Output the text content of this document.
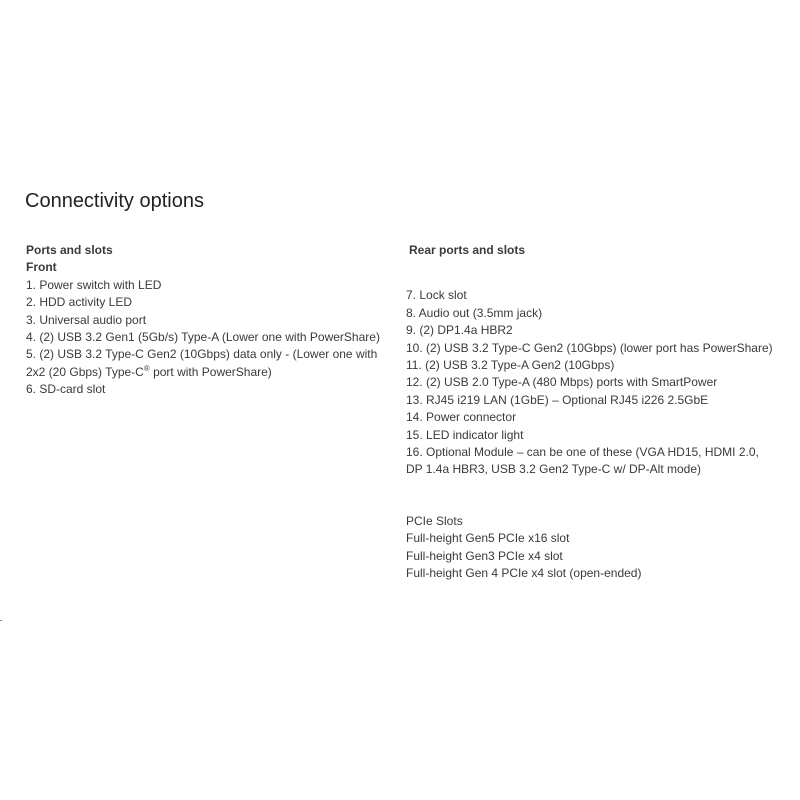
Connectivity options
Ports and slots
Front
1. Power switch with LED
2. HDD activity LED
3. Universal audio port
4. (2) USB 3.2 Gen1 (5Gb/s) Type-A (Lower one with PowerShare)
5. (2) USB 3.2 Type-C Gen2 (10Gbps) data only - (Lower one with 2x2 (20 Gbps) Type-C® port with PowerShare)
6. SD-card slot
Rear ports and slots
7. Lock slot
8. Audio out (3.5mm jack)
9. (2) DP1.4a HBR2
10. (2) USB 3.2 Type-C Gen2 (10Gbps) (lower port has PowerShare)
11. (2) USB 3.2 Type-A Gen2 (10Gbps)
12. (2) USB 2.0 Type-A (480 Mbps) ports with SmartPower
13. RJ45 i219 LAN (1GbE) – Optional RJ45 i226 2.5GbE
14. Power connector
15. LED indicator light
16. Optional Module – can be one of these (VGA HD15, HDMI 2.0, DP 1.4a HBR3, USB 3.2 Gen2 Type-C w/ DP-Alt mode)
PCIe Slots
Full-height Gen5 PCIe x16 slot
Full-height Gen3 PCIe x4 slot
Full-height Gen 4 PCIe x4 slot (open-ended)
